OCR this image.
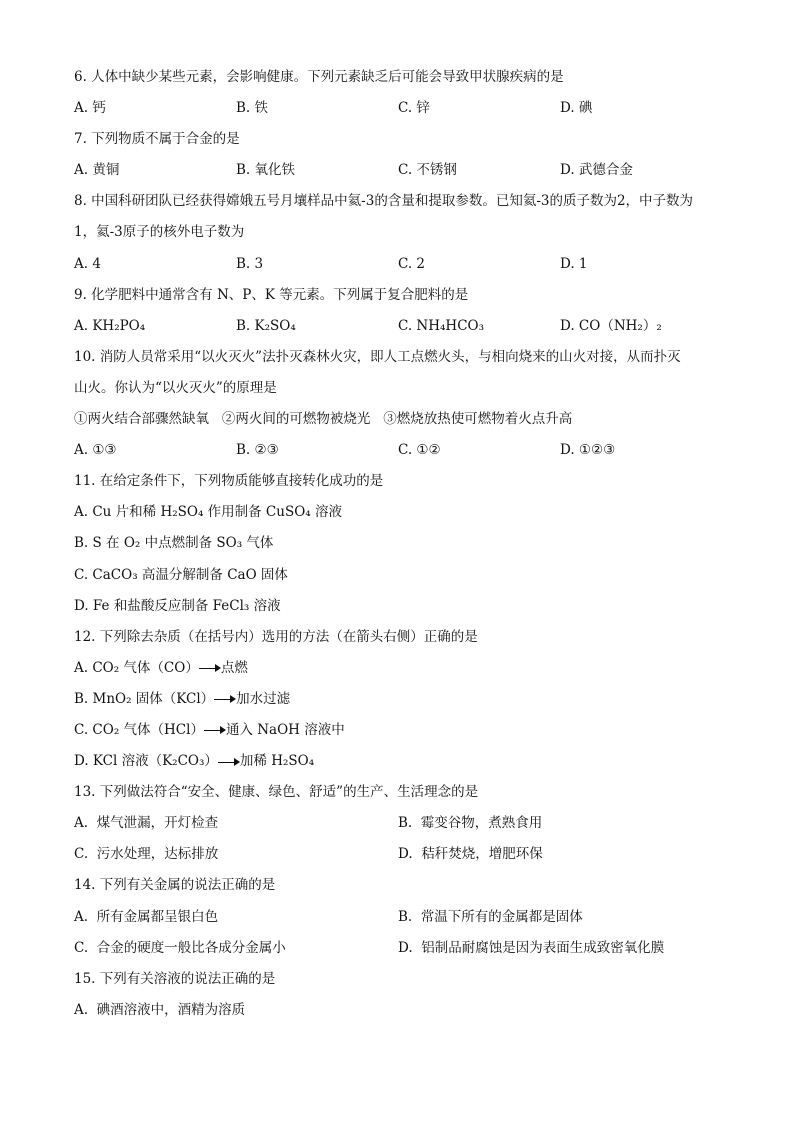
6. 人体中缺少某些元素，会影响健康。下列元素缺乏后可能会导致甲状腺疾病的是
A. 钙	B. 铁	C. 锌	D. 碘
7. 下列物质不属于合金的是
A. 黄铜	B. 氧化铁	C. 不锈钢	D. 武德合金
8. 中国科研团队已经获得嫦娥五号月壤样品中氦-3的含量和提取参数。已知氦-3的质子数为2，中子数为
1，氦-3原子的核外电子数为
A. 4	B. 3	C. 2	D. 1
9. 化学肥料中通常含有 N、P、K 等元素。下列属于复合肥料的是
A. KH₂PO₄	B. K₂SO₄	C. NH₄HCO₃	D. CO（NH₂）₂
10. 消防人员常采用“以火灭火”法扑灭森林火灾，即人工点燃火头，与相向烧来的山火对接，从而扑灭
山火。你认为“以火灭火”的原理是
①两火结合部骤然缺氧   ②两火间的可燃物被烧光   ③燃烧放热使可燃物着火点升高
A. ①③	B. ②③	C. ①②	D. ①②③
11. 在给定条件下，下列物质能够直接转化成功的是
A. Cu 片和稀 H₂SO₄ 作用制备 CuSO₄ 溶液
B. S 在 O₂ 中点燃制备 SO₃ 气体
C. CaCO₃ 高温分解制备 CaO 固体
D. Fe 和盐酸反应制备 FeCl₃ 溶液
12. 下列除去杂质（在括号内）选用的方法（在箭头右侧）正确的是
A. CO₂ 气体（CO） 点燃
B. MnO₂ 固体（KCl） 加水过滤
C. CO₂ 气体（HCl） 通入 NaOH 溶液中
D. KCl 溶液（K₂CO₃） 加稀 H₂SO₄
13. 下列做法符合“安全、健康、绿色、舒适”的生产、生活理念的是
A.  煤气泄漏，开灯检查	B.  霉变谷物，煮熟食用
C.  污水处理，达标排放	D.  秸秆焚烧，增肥环保
14. 下列有关金属的说法正确的是
A.  所有金属都呈银白色	B.  常温下所有的金属都是固体
C.  合金的硬度一般比各成分金属小	D.  铝制品耐腐蚀是因为表面生成致密氧化膜
15. 下列有关溶液的说法正确的是
A.  碘酒溶液中，酒精为溶质
